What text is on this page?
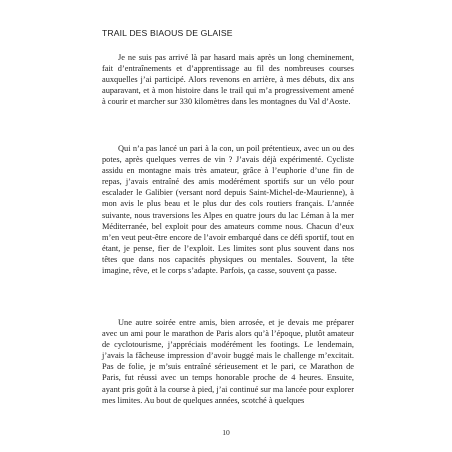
TRAIL DES BIAOUS DE GLAISE

Je ne suis pas arrivé là par hasard mais après un long cheminement, fait d’entraînements et d’apprentissage au fil des nombreuses courses auxquelles j’ai participé. Alors revenons en arrière, à mes débuts, dix ans auparavant, et à mon histoire dans le trail qui m’a progressivement amené à courir et marcher sur 330 kilomètres dans les montagnes du Val d’Aoste.

Qui n’a pas lancé un pari à la con, un poil prétentieux, avec un ou des potes, après quelques verres de vin ? J’avais déjà expérimenté. Cycliste assidu en montagne mais très amateur, grâce à l’euphorie d’une fin de repas, j’avais entraîné des amis modérément sportifs sur un vélo pour escalader le Galibier (versant nord depuis Saint-Michel-de-Maurienne), à mon avis le plus beau et le plus dur des cols routiers français. L’année suivante, nous traversions les Alpes en quatre jours du lac Léman à la mer Méditerranée, bel exploit pour des amateurs comme nous. Chacun d’eux m’en veut peut-être encore de l’avoir embarqué dans ce défi sportif, tout en étant, je pense, fier de l’exploit. Les limites sont plus souvent dans nos têtes que dans nos capacités physiques ou mentales. Souvent, la tête imagine, rêve, et le corps s’adapte. Parfois, ça casse, souvent ça passe.

Une autre soirée entre amis, bien arrosée, et je devais me préparer avec un ami pour le marathon de Paris alors qu’à l’époque, plutôt amateur de cyclotourisme, j’appréciais modérément les footings. Le lendemain, j’avais la fâcheuse impression d’avoir buggé mais le challenge m’excitait. Pas de folie, je m’suis entraîné sérieusement et le pari, ce Marathon de Paris, fut réussi avec un temps honorable proche de 4 heures. Ensuite, ayant pris goût à la course à pied, j’ai continué sur ma lancée pour explorer mes limites. Au bout de quelques années, scotché à quelques

10
